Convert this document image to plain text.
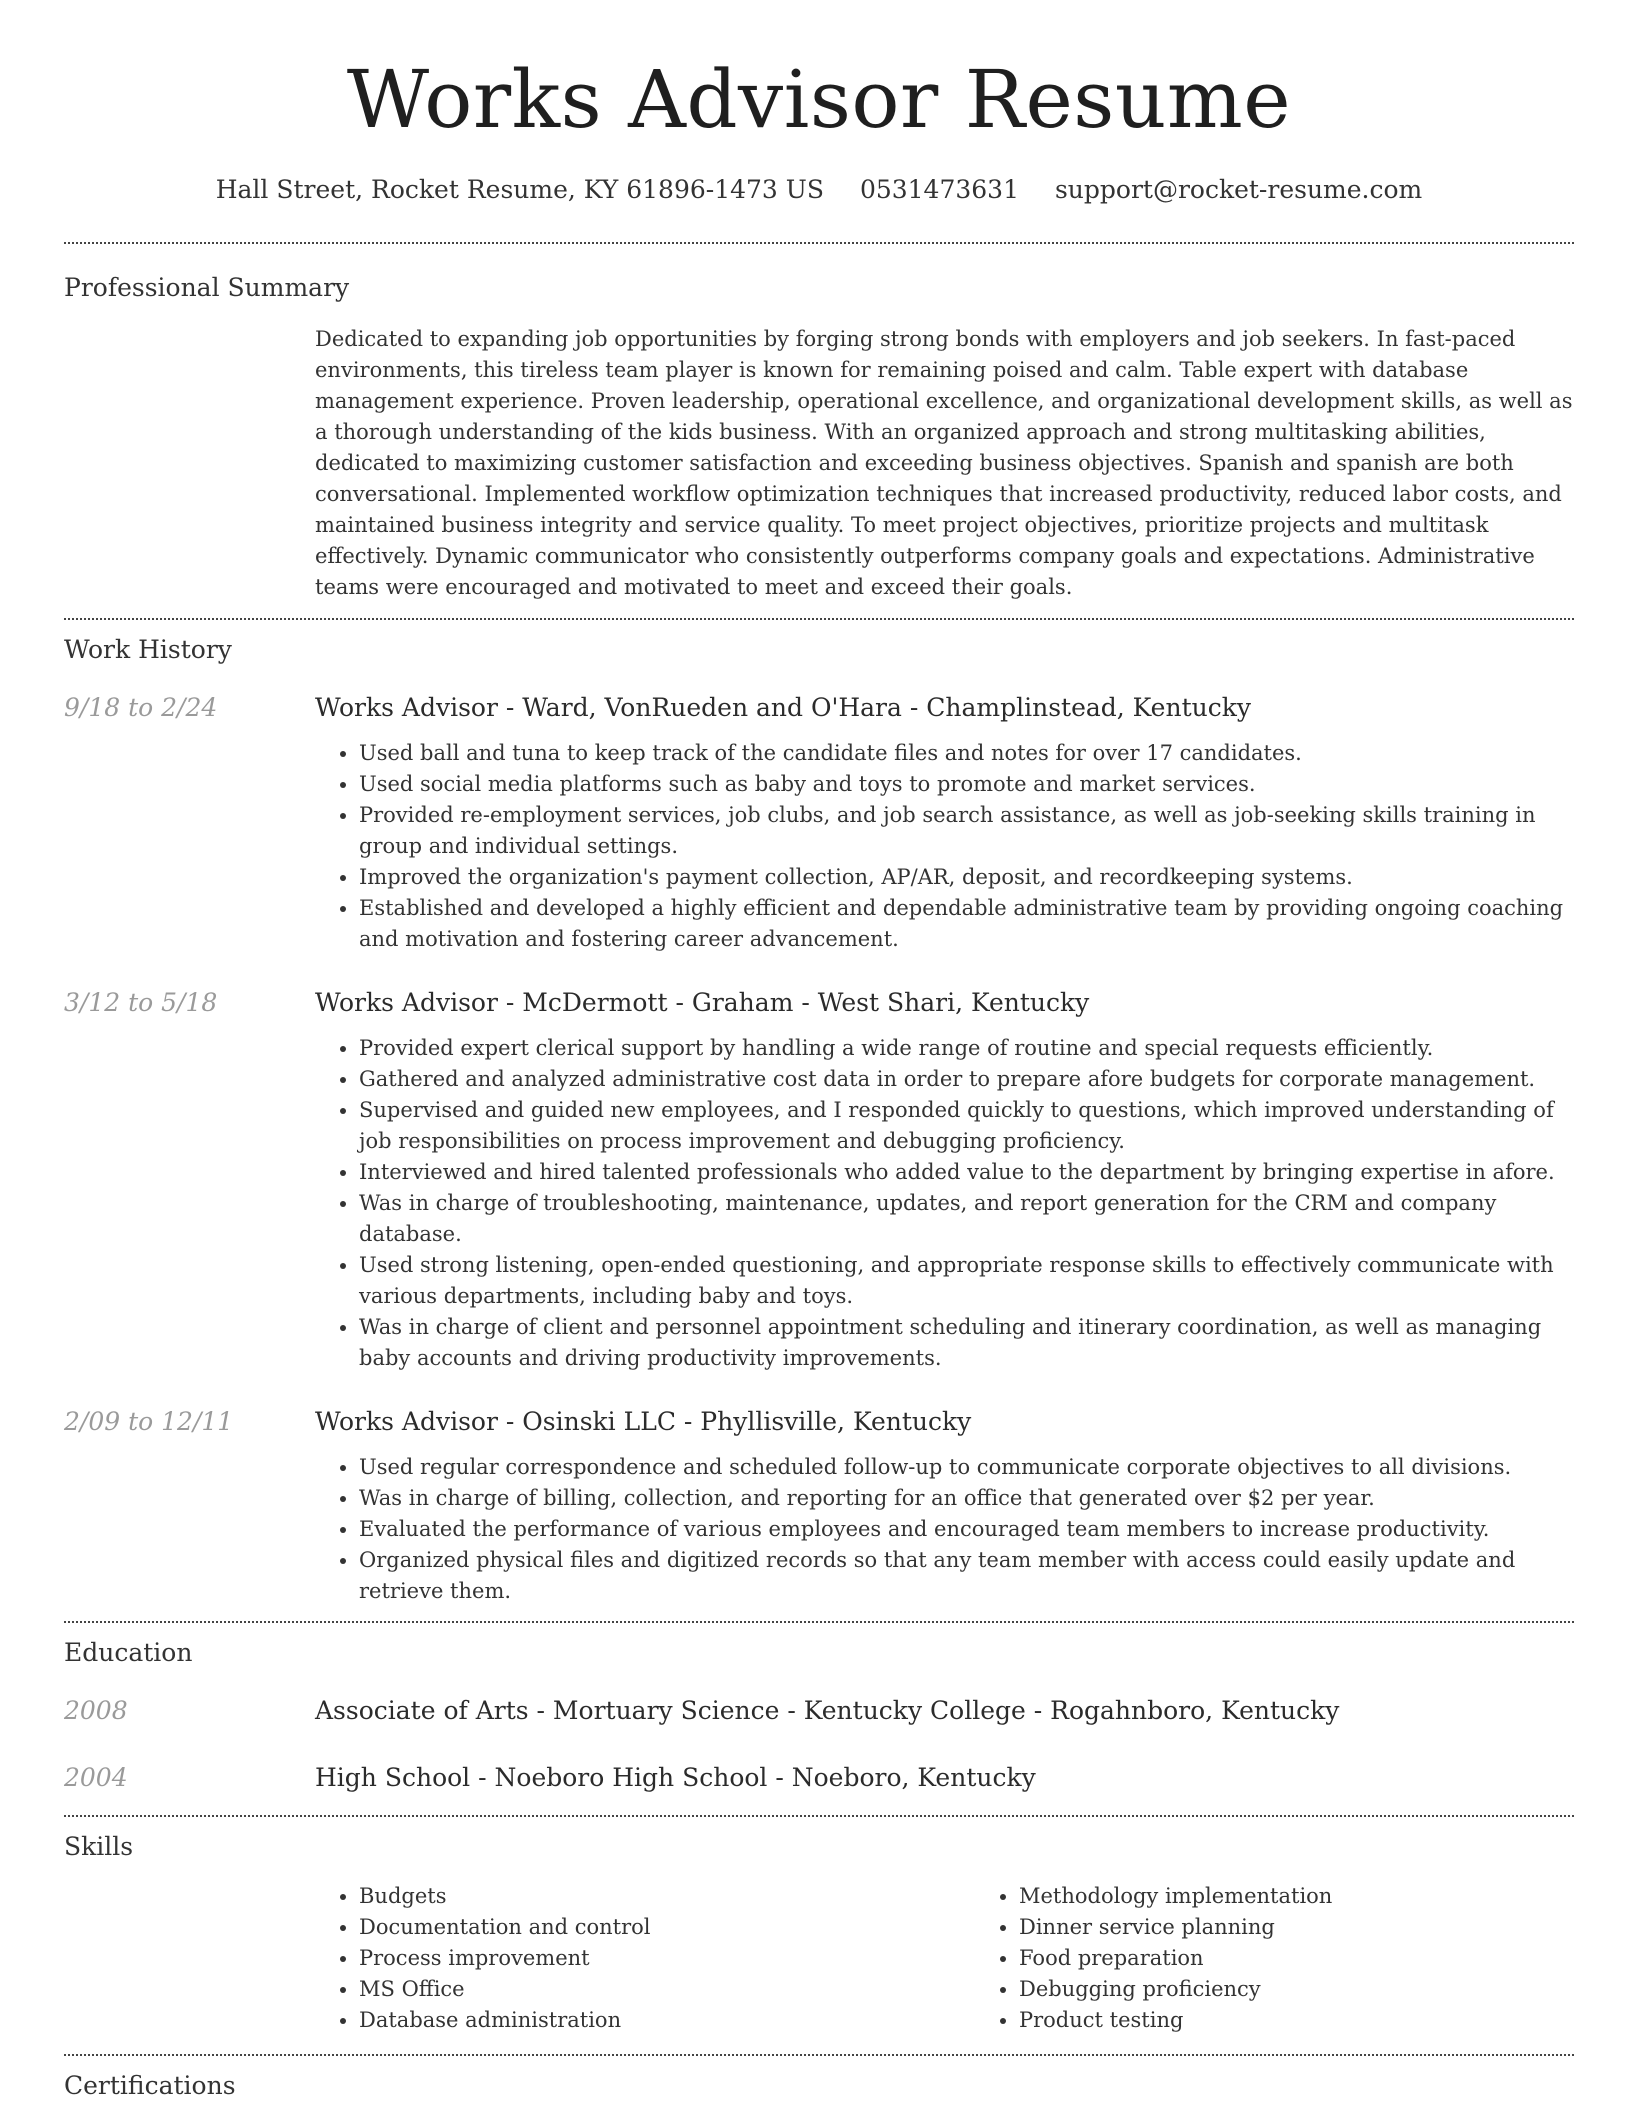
Works Advisor Resume
Hall Street, Rocket Resume, KY 61896-1473 US 0531473631 support@rocket-resume.com
Professional Summary
Dedicated to expanding job opportunities by forging strong bonds with employers and job seekers. In fast-paced environments, this tireless team player is known for remaining poised and calm. Table expert with database management experience. Proven leadership, operational excellence, and organizational development skills, as well as a thorough understanding of the kids business. With an organized approach and strong multitasking abilities, dedicated to maximizing customer satisfaction and exceeding business objectives. Spanish and spanish are both conversational. Implemented workflow optimization techniques that increased productivity, reduced labor costs, and maintained business integrity and service quality. To meet project objectives, prioritize projects and multitask effectively. Dynamic communicator who consistently outperforms company goals and expectations. Administrative teams were encouraged and motivated to meet and exceed their goals.
Work History
9/18 to 2/24	Works Advisor - Ward, VonRueden and O'Hara - Champlinstead, Kentucky
• Used ball and tuna to keep track of the candidate files and notes for over 17 candidates.
• Used social media platforms such as baby and toys to promote and market services.
• Provided re-employment services, job clubs, and job search assistance, as well as job-seeking skills training in group and individual settings.
• Improved the organization's payment collection, AP/AR, deposit, and recordkeeping systems.
• Established and developed a highly efficient and dependable administrative team by providing ongoing coaching and motivation and fostering career advancement.
3/12 to 5/18	Works Advisor - McDermott - Graham - West Shari, Kentucky
• Provided expert clerical support by handling a wide range of routine and special requests efficiently.
• Gathered and analyzed administrative cost data in order to prepare afore budgets for corporate management.
• Supervised and guided new employees, and I responded quickly to questions, which improved understanding of job responsibilities on process improvement and debugging proficiency.
• Interviewed and hired talented professionals who added value to the department by bringing expertise in afore.
• Was in charge of troubleshooting, maintenance, updates, and report generation for the CRM and company database.
• Used strong listening, open-ended questioning, and appropriate response skills to effectively communicate with various departments, including baby and toys.
• Was in charge of client and personnel appointment scheduling and itinerary coordination, as well as managing baby accounts and driving productivity improvements.
2/09 to 12/11	Works Advisor - Osinski LLC - Phyllisville, Kentucky
• Used regular correspondence and scheduled follow-up to communicate corporate objectives to all divisions.
• Was in charge of billing, collection, and reporting for an office that generated over $2 per year.
• Evaluated the performance of various employees and encouraged team members to increase productivity.
• Organized physical files and digitized records so that any team member with access could easily update and retrieve them.
Education
2008	Associate of Arts - Mortuary Science - Kentucky College - Rogahnboro, Kentucky
2004	High School - Noeboro High School - Noeboro, Kentucky
Skills
• Budgets
• Documentation and control
• Process improvement
• MS Office
• Database administration
• Methodology implementation
• Dinner service planning
• Food preparation
• Debugging proficiency
• Product testing
Certifications
